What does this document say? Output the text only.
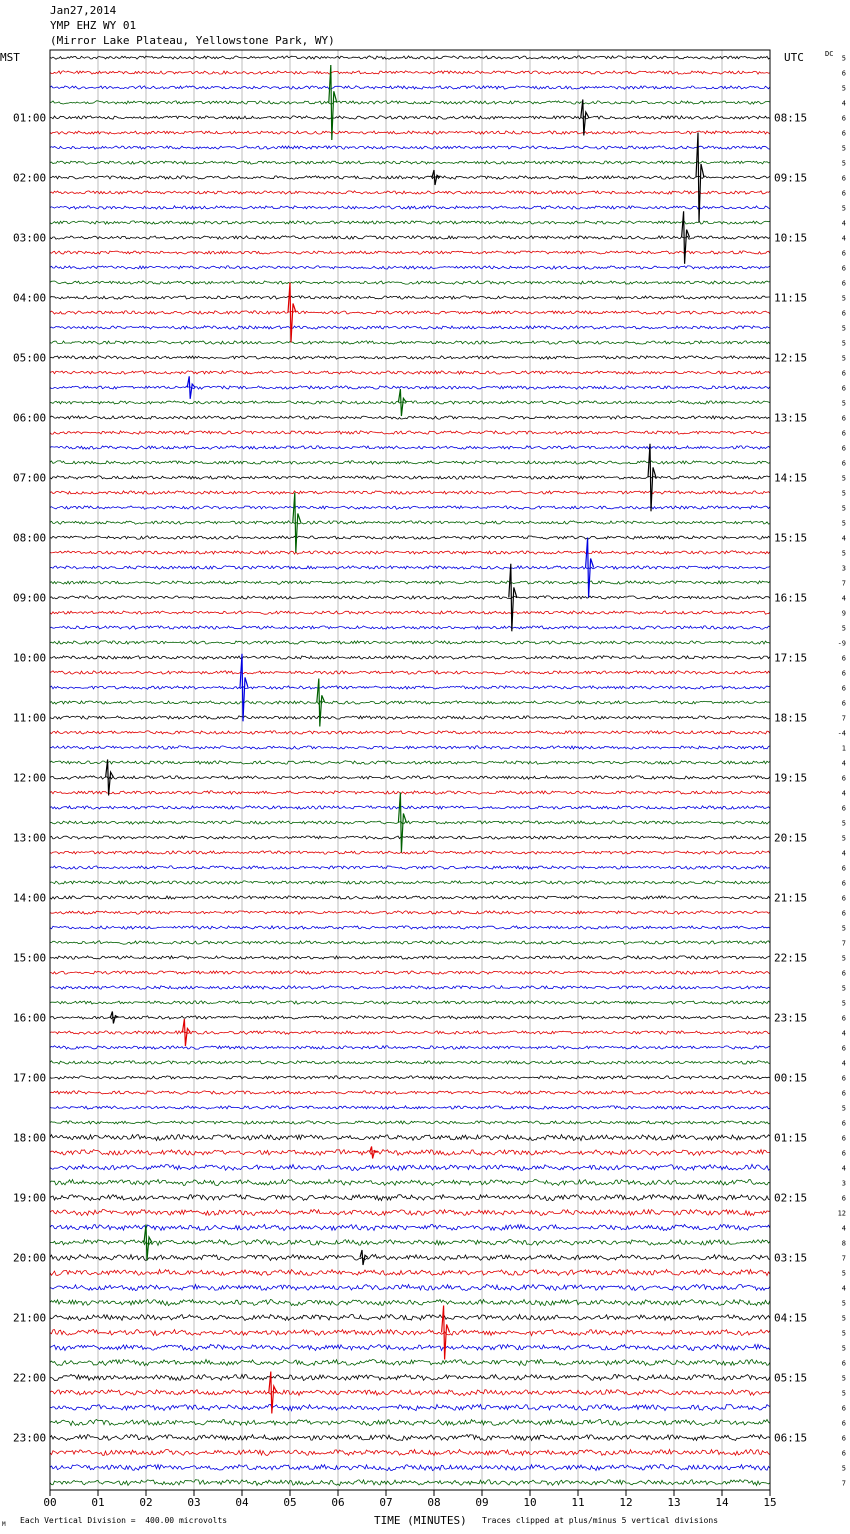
Jan27,2014
YMP EHZ WY 01
(Mirror Lake Plateau, Yellowstone Park, WY)
MST	UTC	DC
01:00
02:00
03:00
04:00
05:00
06:00
07:00
08:00
09:00
10:00
11:00
12:00
13:00
14:00
15:00
16:00
17:00
18:00
19:00
20:00
21:00
22:00
23:00
08:15
09:15
10:15
11:15
12:15
13:15
14:15
15:15
16:15
17:15
18:15
19:15
20:15
21:15
22:15
23:15
00:15
01:15
02:15
03:15
04:15
05:15
06:15
5
6
5
4
6
6
5
5
6
6
5
4
4
6
6
6
5
6
5
5
5
6
6
5
6
6
6
6
5
5
5
5
4
5
3
7
4
9
5
-9
6
6
6
6
7
-4
1
4
6
4
6
5
5
4
6
6
6
6
5
7
5
6
5
5
6
4
6
4
6
6
5
6
6
6
4
3
6
12
4
8
7
5
4
5
5
5
5
6
5
5
6
6
6
6
5
7
00	01	02	03	04	05	06	07	08	09	10	11	12	13	14	15
M Each Vertical Division =  400.00 microvolts	TIME (MINUTES) Traces clipped at plus/minus 5 vertical divisions
